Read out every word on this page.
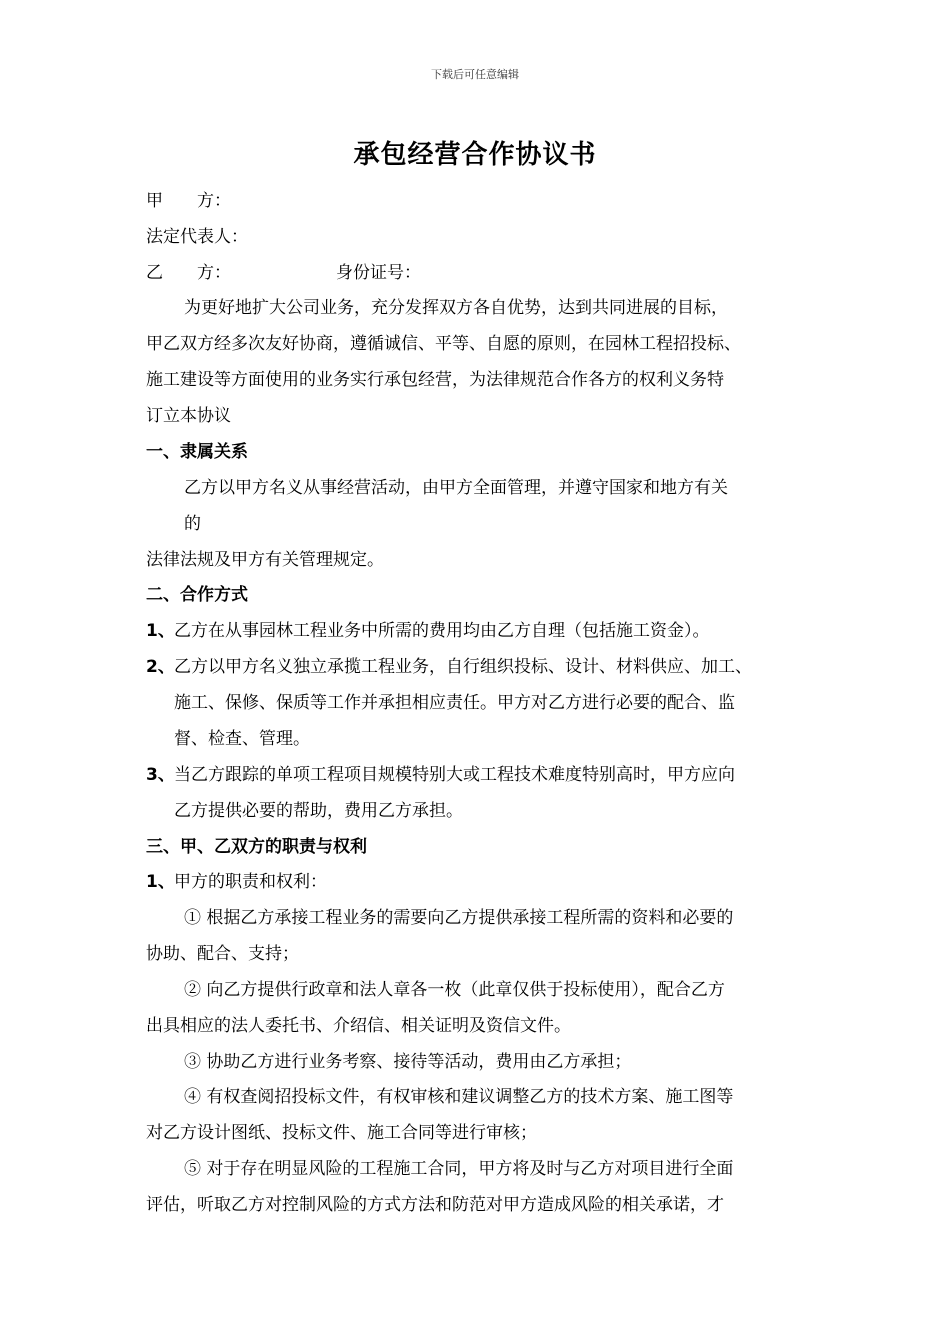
下载后可任意编辑
承包经营合作协议书
甲　　方：
法定代表人：
乙　　方：	身份证号：
为更好地扩大公司业务，充分发挥双方各自优势，达到共同进展的目标，
甲乙双方经多次友好协商，遵循诚信、平等、自愿的原则，在园林工程招投标、
施工建设等方面使用的业务实行承包经营，为法律规范合作各方的权利义务特
订立本协议
一、隶属关系
乙方以甲方名义从事经营活动，由甲方全面管理，并遵守国家和地方有关
的
法律法规及甲方有关管理规定。
二、合作方式
1、 乙方在从事园林工程业务中所需的费用均由乙方自理（包括施工资金）。
2、 乙方以甲方名义独立承揽工程业务，自行组织投标、设计、材料供应、加工、
施工、保修、保质等工作并承担相应责任。甲方对乙方进行必要的配合、监
督、检查、管理。
3、 当乙方跟踪的单项工程项目规模特别大或工程技术难度特别高时，甲方应向
乙方提供必要的帮助，费用乙方承担。
三、甲、乙双方的职责与权利
1、 甲方的职责和权利：
① 根据乙方承接工程业务的需要向乙方提供承接工程所需的资料和必要的
协助、配合、支持；
② 向乙方提供行政章和法人章各一枚（此章仅供于投标使用），配合乙方
出具相应的法人委托书、介绍信、相关证明及资信文件。
③ 协助乙方进行业务考察、接待等活动，费用由乙方承担；
④ 有权查阅招投标文件，有权审核和建议调整乙方的技术方案、施工图等
对乙方设计图纸、投标文件、施工合同等进行审核；
⑤ 对于存在明显风险的工程施工合同，甲方将及时与乙方对项目进行全面
评估，听取乙方对控制风险的方式方法和防范对甲方造成风险的相关承诺，才
